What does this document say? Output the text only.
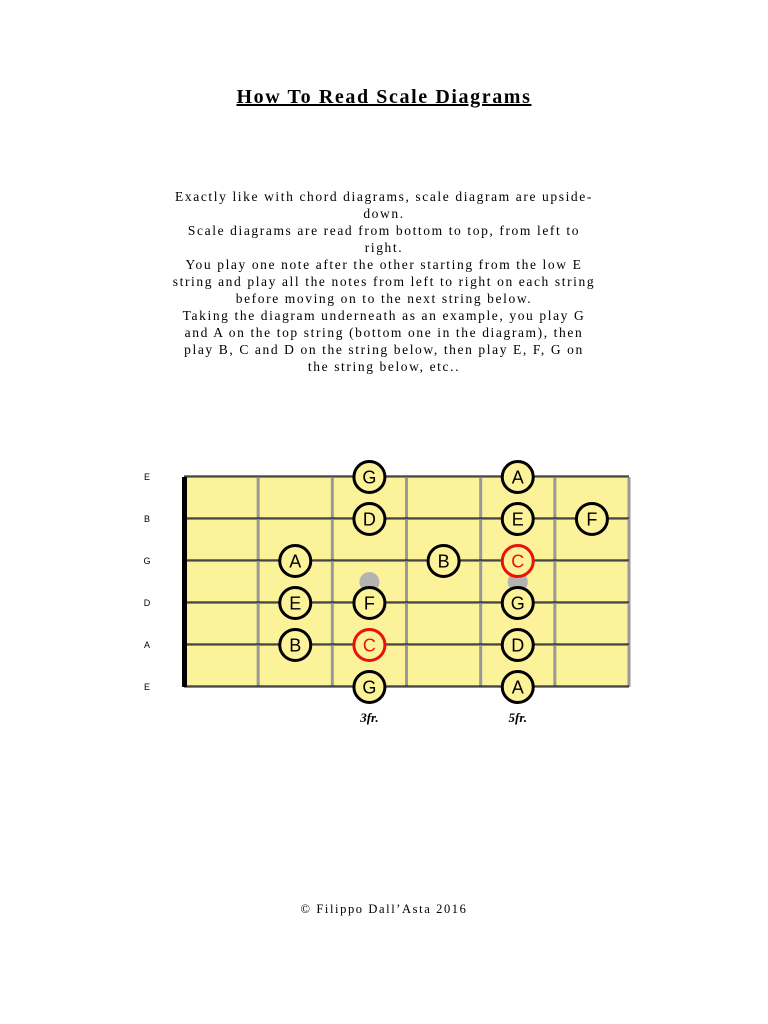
How To Read Scale Diagrams
Exactly like with chord diagrams, scale diagram are upside-
down.
Scale diagrams are read from bottom to top, from left to
right.
You play one note after the other starting from the low E
string and play all the notes from left to right on each string
before moving on to the next string below.
Taking the diagram underneath as an example, you play G
and A on the top string (bottom one in the diagram), then
play B, C and D on the string below, then play E, F, G on
the string below, etc..
E
B
G
D
A
E
G	A
D	E	F
A	B	C
E	F	G
B	C	D
G	A
3fr.	5fr.
© Filippo Dall’Asta 2016
